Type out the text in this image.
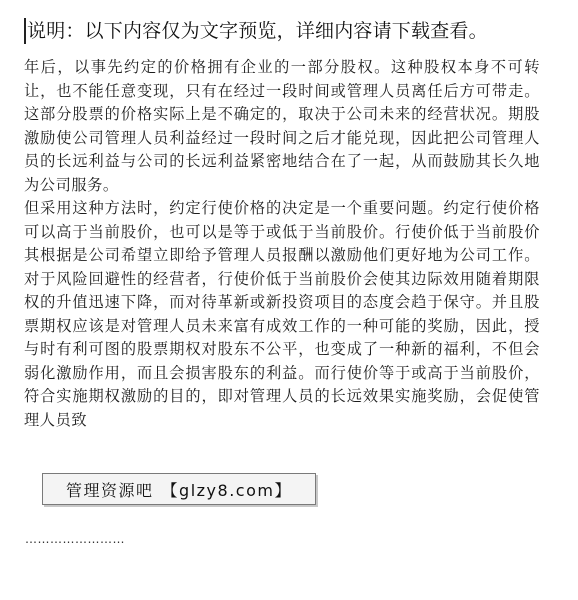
说明：以下内容仅为文字预览，详细内容请下载查看。

年后，以事先约定的价格拥有企业的一部分股权。这种股权本身不可转让，也不能任意变现，只有在经过一段时间或管理人员离任后方可带走。这部分股票的价格实际上是不确定的，取决于公司未来的经营状况。期股激励使公司管理人员利益经过一段时间之后才能兑现，因此把公司管理人员的长远利益与公司的长远利益紧密地结合在了一起，从而鼓励其长久地为公司服务。

但采用这种方法时，约定行使价格的决定是一个重要问题。约定行使价格可以高于当前股价，也可以是等于或低于当前股价。行使价低于当前股价其根据是公司希望立即给予管理人员报酬以激励他们更好地为公司工作。对于风险回避性的经营者，行使价低于当前股价会使其边际效用随着期限权的升值迅速下降，而对待革新或新投资项目的态度会趋于保守。并且股票期权应该是对管理人员未来富有成效工作的一种可能的奖励，因此，授与时有利可图的股票期权对股东不公平，也变成了一种新的福利，不但会弱化激励作用，而且会损害股东的利益。而行使价等于或高于当前股价，符合实施期权激励的目的，即对管理人员的长远效果实施奖励，会促使管理人员致

……………………
管理资源吧 【glzy8.com】
